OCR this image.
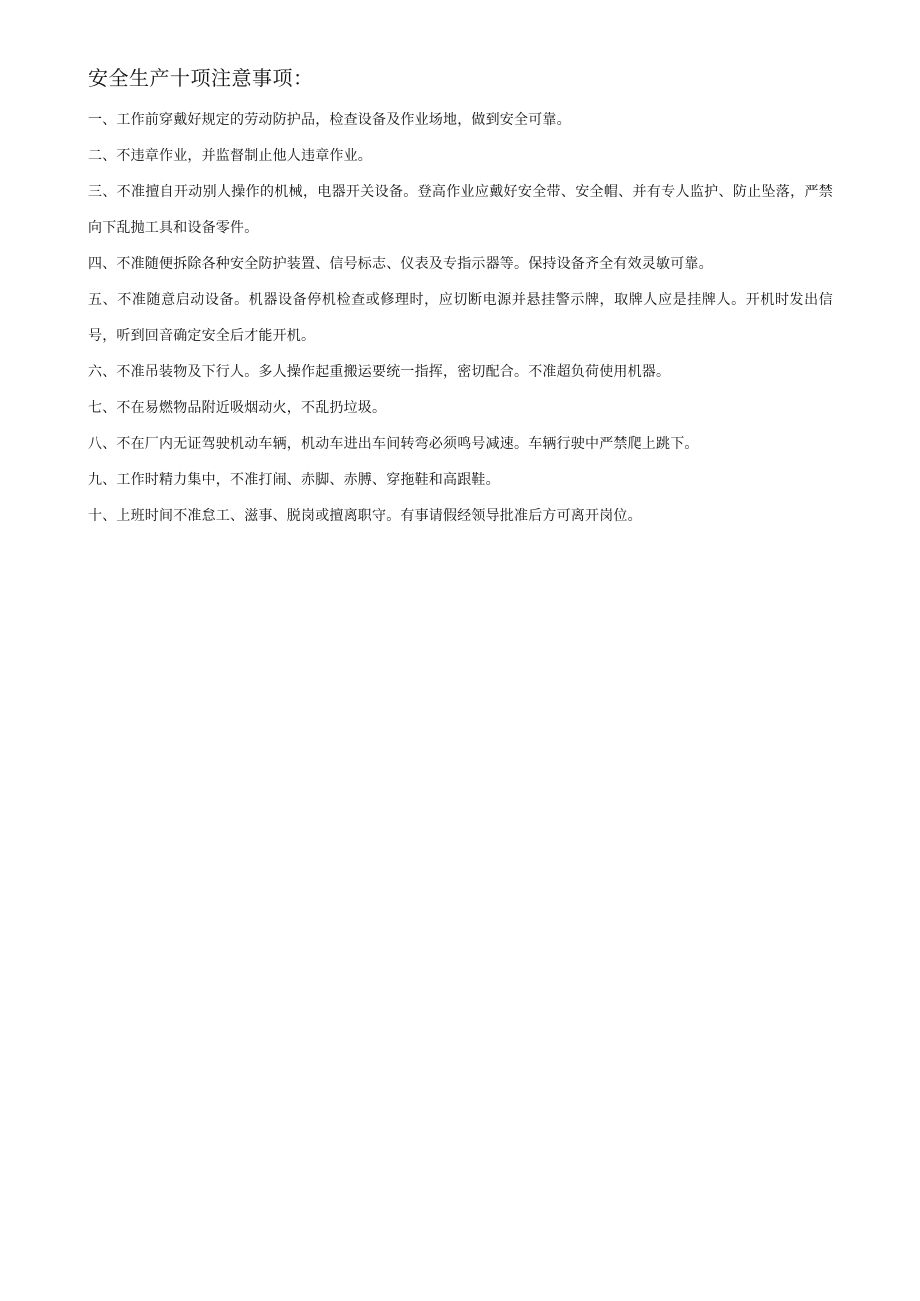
安全生产十项注意事项：
一、工作前穿戴好规定的劳动防护品，检查设备及作业场地，做到安全可靠。
二、不违章作业，并监督制止他人违章作业。
三、不准擅自开动别人操作的机械，电器开关设备。登高作业应戴好安全带、安全帽、并有专人监护、防止坠落，严禁向下乱抛工具和设备零件。
四、不准随便拆除各种安全防护装置、信号标志、仪表及专指示器等。保持设备齐全有效灵敏可靠。
五、不准随意启动设备。机器设备停机检查或修理时，应切断电源并悬挂警示牌，取牌人应是挂牌人。开机时发出信号，听到回音确定安全后才能开机。
六、不准吊装物及下行人。多人操作起重搬运要统一指挥，密切配合。不准超负荷使用机器。
七、不在易燃物品附近吸烟动火，不乱扔垃圾。
八、不在厂内无证驾驶机动车辆，机动车进出车间转弯必须鸣号减速。车辆行驶中严禁爬上跳下。
九、工作时精力集中，不准打闹、赤脚、赤膊、穿拖鞋和高跟鞋。
十、上班时间不准怠工、滋事、脱岗或擅离职守。有事请假经领导批准后方可离开岗位。
